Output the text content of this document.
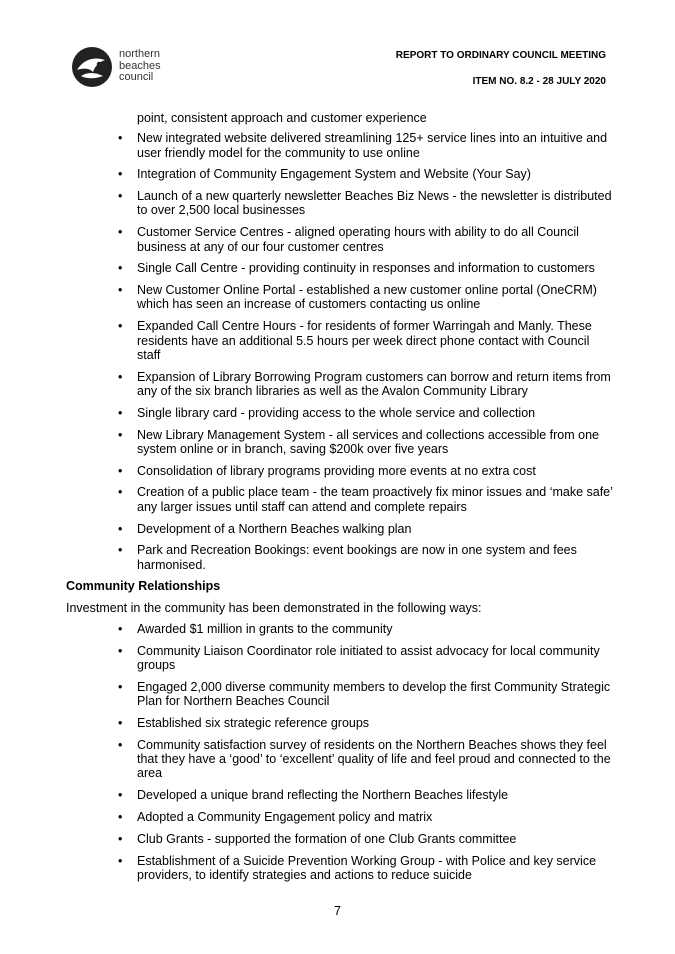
northern
beaches
council
REPORT TO ORDINARY COUNCIL MEETING
ITEM NO. 8.2 - 28 JULY 2020

point, consistent approach and customer experience

• New integrated website delivered streamlining 125+ service lines into an intuitive and user friendly model for the community to use online
• Integration of Community Engagement System and Website (Your Say)
• Launch of a new quarterly newsletter Beaches Biz News - the newsletter is distributed to over 2,500 local businesses
• Customer Service Centres - aligned operating hours with ability to do all Council business at any of our four customer centres
• Single Call Centre - providing continuity in responses and information to customers
• New Customer Online Portal - established a new customer online portal (OneCRM) which has seen an increase of customers contacting us online
• Expanded Call Centre Hours - for residents of former Warringah and Manly. These residents have an additional 5.5 hours per week direct phone contact with Council staff
• Expansion of Library Borrowing Program customers can borrow and return items from any of the six branch libraries as well as the Avalon Community Library
• Single library card - providing access to the whole service and collection
• New Library Management System - all services and collections accessible from one system online or in branch, saving $200k over five years
• Consolidation of library programs providing more events at no extra cost
• Creation of a public place team - the team proactively fix minor issues and ‘make safe’ any larger issues until staff can attend and complete repairs
• Development of a Northern Beaches walking plan
• Park and Recreation Bookings: event bookings are now in one system and fees harmonised.
Community Relationships

Investment in the community has been demonstrated in the following ways:

• Awarded $1 million in grants to the community
• Community Liaison Coordinator role initiated to assist advocacy for local community groups
• Engaged 2,000 diverse community members to develop the first Community Strategic Plan for Northern Beaches Council
• Established six strategic reference groups
• Community satisfaction survey of residents on the Northern Beaches shows they feel that they have a ‘good’ to ‘excellent’ quality of life and feel proud and connected to the area
• Developed a unique brand reflecting the Northern Beaches lifestyle
• Adopted a Community Engagement policy and matrix
• Club Grants - supported the formation of one Club Grants committee
• Establishment of a Suicide Prevention Working Group - with Police and key service providers, to identify strategies and actions to reduce suicide
7
